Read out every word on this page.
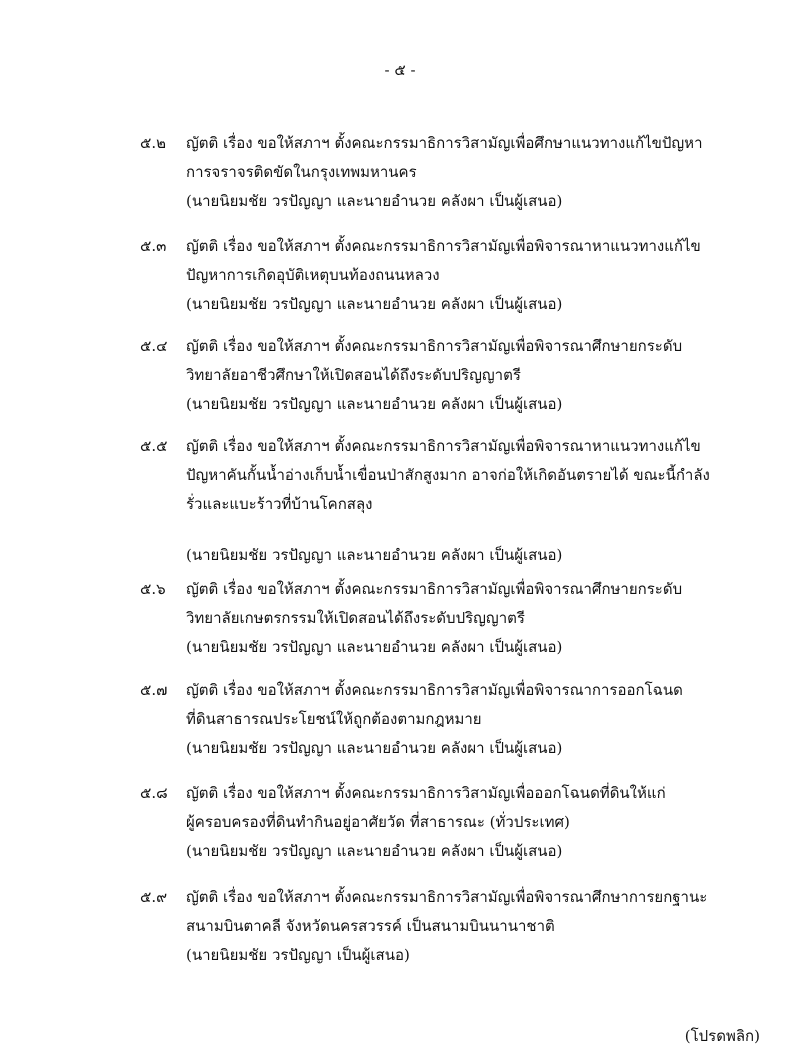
- ๕ -
๕.๒ ญัตติ เรื่อง ขอให้สภาฯ ตั้งคณะกรรมาธิการวิสามัญเพื่อศึกษาแนวทางแก้ไขปัญหา
การจราจรติดขัดในกรุงเทพมหานคร
(นายนิยมชัย วรปัญญา และนายอำนวย คลังผา เป็นผู้เสนอ)
๕.๓ ญัตติ เรื่อง ขอให้สภาฯ ตั้งคณะกรรมาธิการวิสามัญเพื่อพิจารณาหาแนวทางแก้ไข
ปัญหาการเกิดอุบัติเหตุบนท้องถนนหลวง
(นายนิยมชัย วรปัญญา และนายอำนวย คลังผา เป็นผู้เสนอ)
๕.๔ ญัตติ เรื่อง ขอให้สภาฯ ตั้งคณะกรรมาธิการวิสามัญเพื่อพิจารณาศึกษายกระดับ
วิทยาลัยอาชีวศึกษาให้เปิดสอนได้ถึงระดับปริญญาตรี
(นายนิยมชัย วรปัญญา และนายอำนวย คลังผา เป็นผู้เสนอ)
๕.๕ ญัตติ เรื่อง ขอให้สภาฯ ตั้งคณะกรรมาธิการวิสามัญเพื่อพิจารณาหาแนวทางแก้ไข
ปัญหาคันกั้นน้ำอ่างเก็บน้ำเขื่อนป่าสักสูงมาก อาจก่อให้เกิดอันตรายได้ ขณะนี้กำลัง
รั่วและแบะร้าวที่บ้านโคกสลุง
(นายนิยมชัย วรปัญญา และนายอำนวย คลังผา เป็นผู้เสนอ)
๕.๖ ญัตติ เรื่อง ขอให้สภาฯ ตั้งคณะกรรมาธิการวิสามัญเพื่อพิจารณาศึกษายกระดับ
วิทยาลัยเกษตรกรรมให้เปิดสอนได้ถึงระดับปริญญาตรี
(นายนิยมชัย วรปัญญา และนายอำนวย คลังผา เป็นผู้เสนอ)
๕.๗ ญัตติ เรื่อง ขอให้สภาฯ ตั้งคณะกรรมาธิการวิสามัญเพื่อพิจารณาการออกโฉนด
ที่ดินสาธารณประโยชน์ให้ถูกต้องตามกฎหมาย
(นายนิยมชัย วรปัญญา และนายอำนวย คลังผา เป็นผู้เสนอ)
๕.๘ ญัตติ เรื่อง ขอให้สภาฯ ตั้งคณะกรรมาธิการวิสามัญเพื่อออกโฉนดที่ดินให้แก่
ผู้ครอบครองที่ดินทำกินอยู่อาศัยวัด ที่สาธารณะ (ทั่วประเทศ)
(นายนิยมชัย วรปัญญา และนายอำนวย คลังผา เป็นผู้เสนอ)
๕.๙ ญัตติ เรื่อง ขอให้สภาฯ ตั้งคณะกรรมาธิการวิสามัญเพื่อพิจารณาศึกษาการยกฐานะ
สนามบินตาคลี จังหวัดนครสวรรค์ เป็นสนามบินนานาชาติ
(นายนิยมชัย วรปัญญา เป็นผู้เสนอ)
(โปรดพลิก)
